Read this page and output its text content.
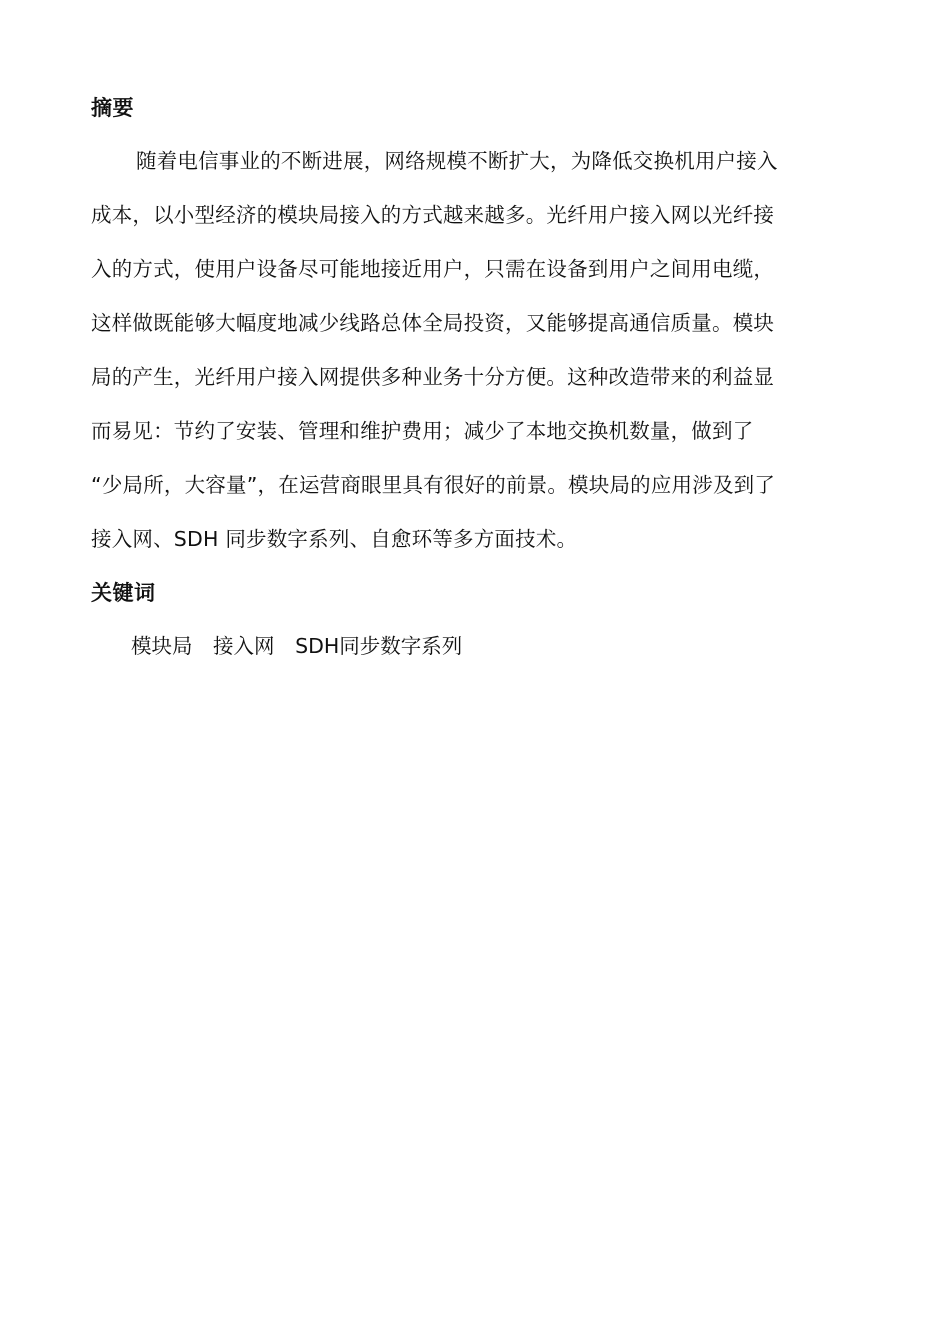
摘要
随着电信事业的不断进展，网络规模不断扩大，为降低交换机用户接入
成本，以小型经济的模块局接入的方式越来越多。光纤用户接入网以光纤接
入的方式，使用户设备尽可能地接近用户，只需在设备到用户之间用电缆，
这样做既能够大幅度地减少线路总体全局投资，又能够提高通信质量。模块
局的产生，光纤用户接入网提供多种业务十分方便。这种改造带来的利益显
而易见：节约了安装、管理和维护费用；减少了本地交换机数量，做到了
“少局所，大容量”，在运营商眼里具有很好的前景。模块局的应用涉及到了
接入网、SDH 同步数字系列、自愈环等多方面技术。
关键词
模块局 接入网 SDH同步数字系列
